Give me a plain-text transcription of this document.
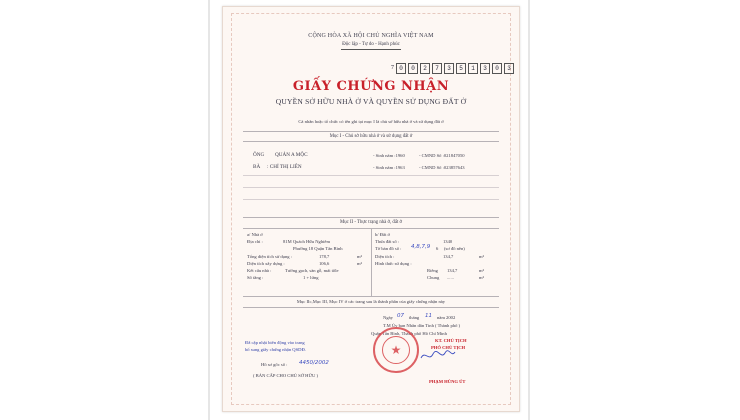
CỘNG HÒA XÃ HỘI CHỦ NGHĨA VIỆT NAM
Độc lập - Tự do - Hạnh phúc
7 0	0	2	7	3	5	1	3	0	3
GIẤY CHỨNG NHẬN
QUYỀN SỞ HỮU NHÀ Ở VÀ QUYỀN SỬ DỤNG ĐẤT Ở
Cá nhân hoặc tổ chức có tên ghi tại mục I là chủ sở hữu nhà ở và sử dụng đất ở
Mục I - Chủ sở hữu nhà ở và sử dụng đất ở
ÔNG QUẢN A MỘC	- Sinh năm :1960	- CMND Số :021847050
BÀ : CHỈ THỊ LIÊN	- Sinh năm :1963	- CMND Số :023857643
Mục II - Thực trạng nhà ở, đất ở
a/ Nhà ở
Địa chỉ :	81M Quách Hữu Nghiêm
Phường 18 Quận Tân Bình
Tổng diện tích sử dụng :	178,7	m²
Diện tích xây dựng :	106,6	m²
Kết cấu nhà :	Tường gạch, sàn gỗ, mái tôle
Số tầng :	1 + lửng
b/ Đất ở
Thửa đất số :	1340
Tờ bản đồ số : 4,8,7,9 6 (sơ đồ nền)
Diện tích :	134,7	m²
Hình thức sử dụng :
Riêng 134,7	m²
Chung ......	m²
Mục IIc,Mục III, Mục IV ở các trang sau là thành phần của giấy chứng nhận này
Ngày 07 tháng 11 năm 2002
T.M Ủy ban Nhân dân Tỉnh ( Thành phố )
Quận Tân Bình, Thành phố Hồ Chí Minh
★
KT. CHỦ TỊCH
PHÓ CHỦ TỊCH
PHẠM HÙNG ÚT
Đã cập nhật biến động vào trang
bổ sung giấy chứng nhận QSDĐ.
Hồ sơ gốc số : 4450/2002
( BẢN CẤP CHO CHỦ SỞ HỮU )
